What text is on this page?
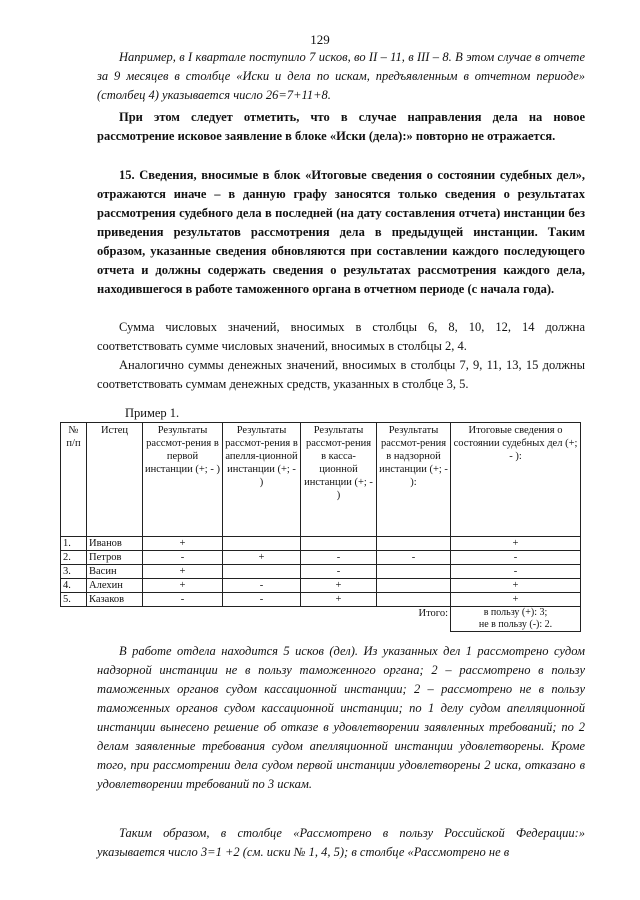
129
Например, в I квартале поступило 7 исков, во II – 11, в III – 8. В этом случае в отчете за 9 месяцев в столбце «Иски и дела по искам, предъявленным в отчетном периоде» (столбец 4) указывается число 26=7+11+8.
При этом следует отметить, что в случае направления дела на новое рассмотрение исковое заявление в блоке «Иски (дела):» повторно не отражается.
15. Сведения, вносимые в блок «Итоговые сведения о состоянии судебных дел», отражаются иначе – в данную графу заносятся только сведения о результатах рассмотрения судебного дела в последней (на дату составления отчета) инстанции без приведения результатов рассмотрения дела в предыдущей инстанции. Таким образом, указанные сведения обновляются при составлении каждого последующего отчета и должны содержать сведения о результатах рассмотрения каждого дела, находившегося в работе таможенного органа в отчетном периоде (с начала года).
Сумма числовых значений, вносимых в столбцы 6, 8, 10, 12, 14 должна соответствовать сумме числовых значений, вносимых в столбцы 2, 4.
Аналогично суммы денежных значений, вносимых в столбцы 7, 9, 11, 13, 15 должны соответствовать суммам денежных средств, указанных в столбце 3, 5.
Пример 1.
№ п/п	Истец	Результаты рассмот-рения в первой инстанции (+; - )	Результаты рассмот-рения в апелля-ционной инстанции (+; - )	Результаты рассмот-рения в касса-ционной инстанции (+; - )	Результаты рассмот-рения в надзорной инстанции (+; - ):	Итоговые сведения о состоянии судебных дел (+; - ):
1.	Иванов	+				+
2.	Петров	-	+	-	-	-
3.	Васин	+		-		-
4.	Алехин	+	-	+		+
5.	Казаков	-	-	+		+
					Итого:	в пользу (+): 3;
не в пользу (-): 2.
В работе отдела находится 5 исков (дел). Из указанных дел 1 рассмотрено судом надзорной инстанции не в пользу таможенного органа; 2 – рассмотрено в пользу таможенных органов судом кассационной инстанции; 2 – рассмотрено не в пользу таможенных органов судом кассационной инстанции; по 1 делу судом апелляционной инстанции вынесено решение об отказе в удовлетворении заявленных требований; по 2 делам заявленные требования судом апелляционной инстанции удовлетворены. Кроме того, при рассмотрении дела судом первой инстанции удовлетворены 2 иска, отказано в удовлетворении требований по 3 искам.
Таким образом, в столбце «Рассмотрено в пользу Российской Федерации:» указывается число 3=1 +2 (см. иски № 1, 4, 5); в столбце «Рассмотрено не в
